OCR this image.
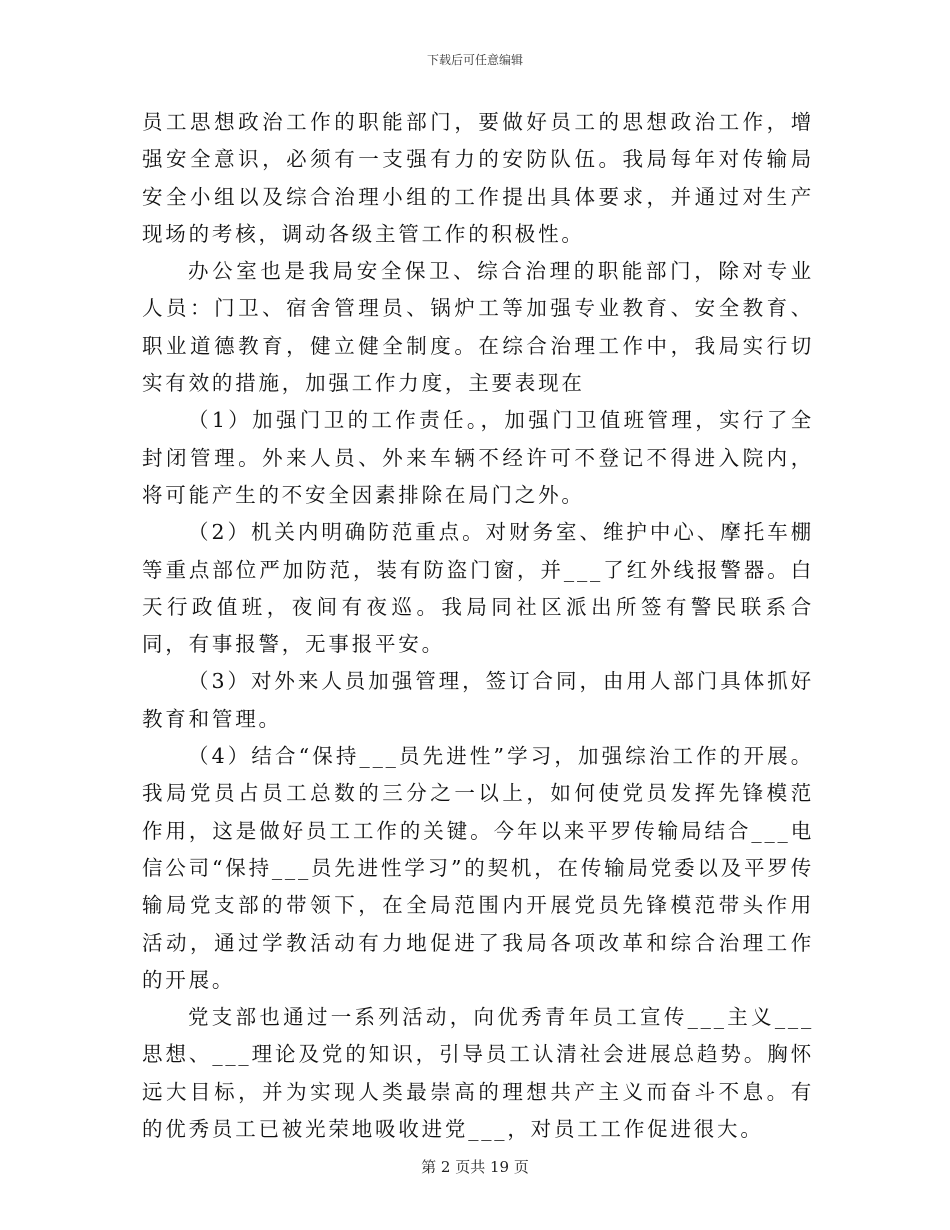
下载后可任意编辑

员工思想政治工作的职能部门，要做好员工的思想政治工作，增强安全意识，必须有一支强有力的安防队伍。我局每年对传输局安全小组以及综合治理小组的工作提出具体要求，并通过对生产现场的考核，调动各级主管工作的积极性。

办公室也是我局安全保卫、综合治理的职能部门，除对专业人员：门卫、宿舍管理员、锅炉工等加强专业教育、安全教育、职业道德教育，健立健全制度。在综合治理工作中，我局实行切实有效的措施，加强工作力度，主要表现在

（1）加强门卫的工作责任。，加强门卫值班管理，实行了全封闭管理。外来人员、外来车辆不经许可不登记不得进入院内，将可能产生的不安全因素排除在局门之外。

（2）机关内明确防范重点。对财务室、维护中心、摩托车棚等重点部位严加防范，装有防盗门窗，并___了红外线报警器。白天行政值班，夜间有夜巡。我局同社区派出所签有警民联系合同，有事报警，无事报平安。

（3）对外来人员加强管理，签订合同，由用人部门具体抓好教育和管理。

（4）结合“保持___员先进性”学习，加强综治工作的开展。我局党员占员工总数的三分之一以上，如何使党员发挥先锋模范作用，这是做好员工工作的关键。今年以来平罗传输局结合___电信公司“保持___员先进性学习”的契机，在传输局党委以及平罗传输局党支部的带领下，在全局范围内开展党员先锋模范带头作用活动，通过学教活动有力地促进了我局各项改革和综合治理工作的开展。

党支部也通过一系列活动，向优秀青年员工宣传___主义___思想、___理论及党的知识，引导员工认清社会进展总趋势。胸怀远大目标，并为实现人类最崇高的理想共产主义而奋斗不息。有的优秀员工已被光荣地吸收进党___，对员工工作促进很大。

第 2 页共 19 页
